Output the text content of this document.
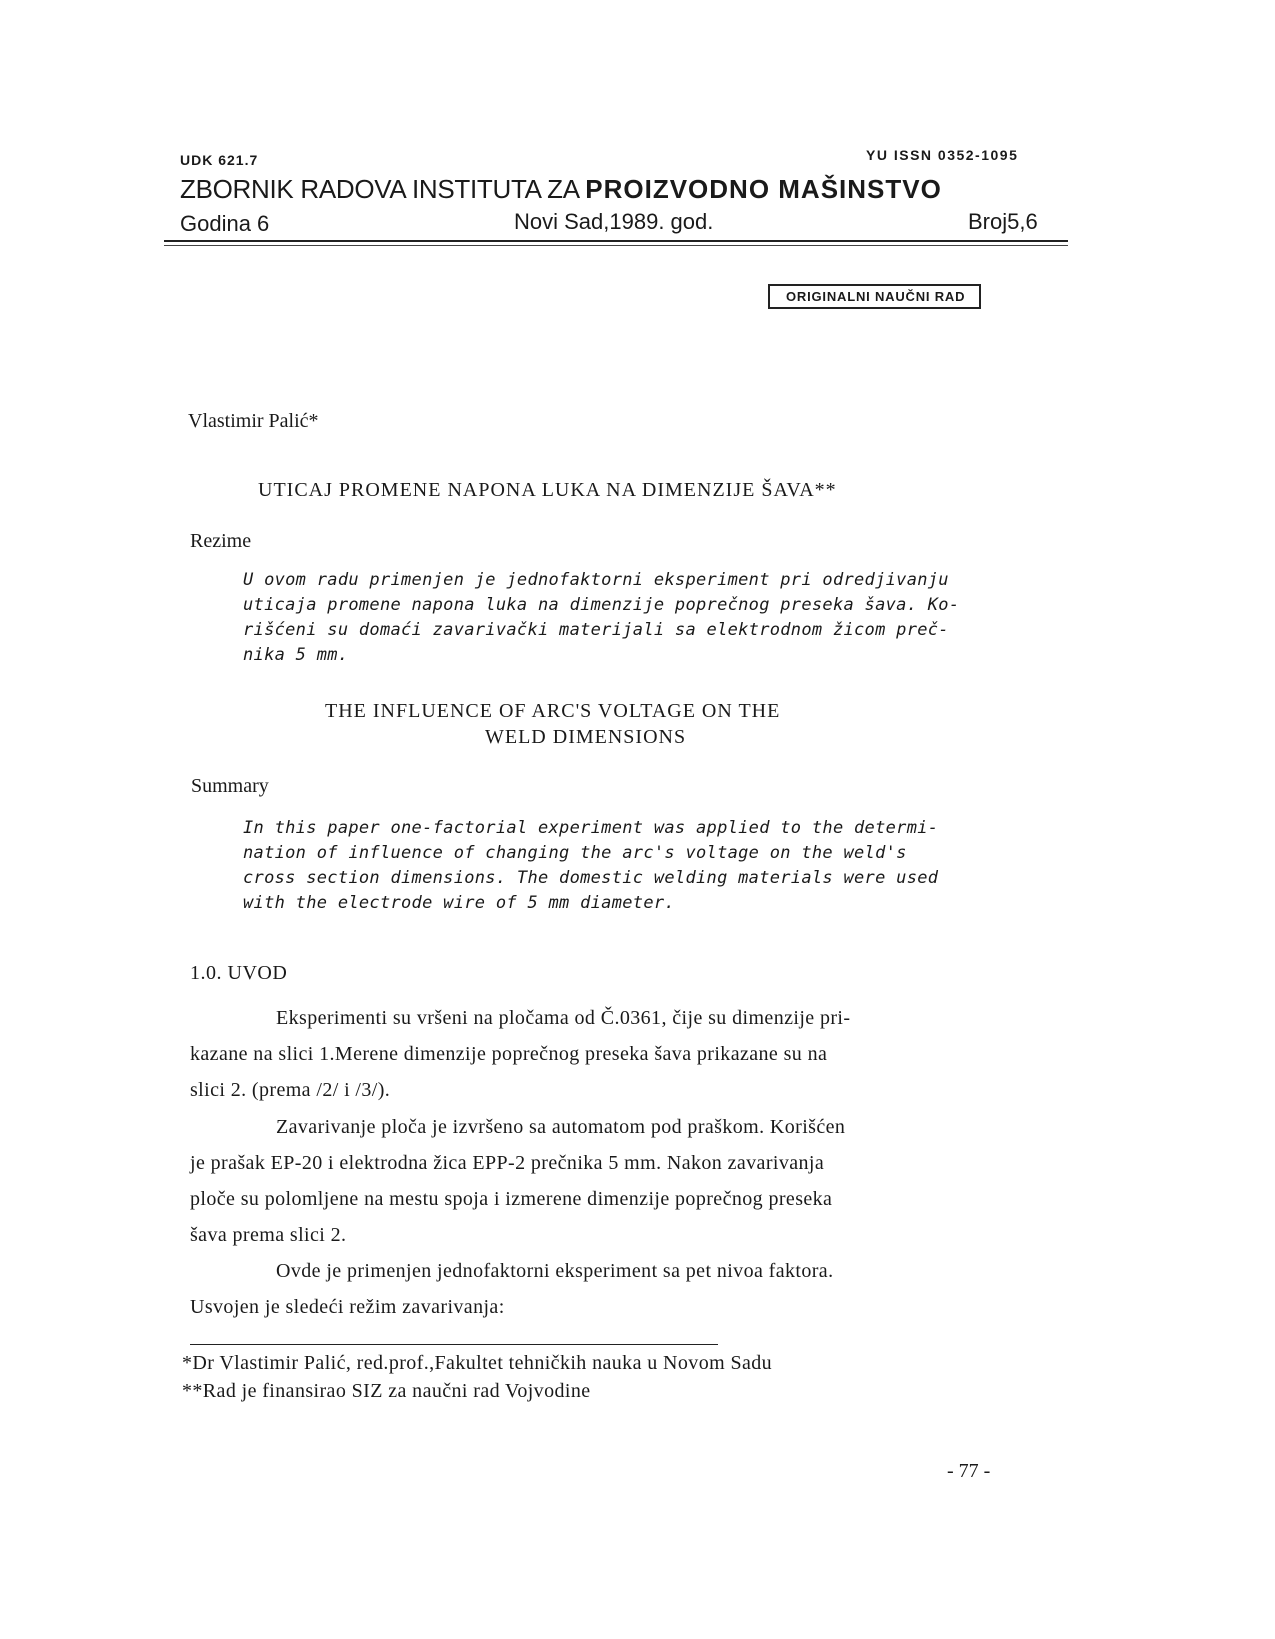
UDK 621.7	YU ISSN 0352-1095
ZBORNIK RADOVA INSTITUTA ZA PROIZVODNO MAŠINSTVO
Godina 6	Novi Sad,1989. god.	Broj5,6
ORIGINALNI NAUČNI RAD
Vlastimir Palić*
UTICAJ PROMENE NAPONA LUKA NA DIMENZIJE ŠAVA**
Rezime
U ovom radu primenjen je jednofaktorni eksperiment pri odredjivanju
uticaja promene napona luka na dimenzije poprečnog preseka šava. Ko-
rišćeni su domaći zavarivački materijali sa elektrodnom žicom preč-
nika 5 mm.
THE INFLUENCE OF ARC'S VOLTAGE ON THE
WELD DIMENSIONS
Summary
In this paper one-factorial experiment was applied to the determi-
nation of influence of changing the arc's voltage on the weld's
cross section dimensions. The domestic welding materials were used
with the electrode wire of 5 mm diameter.
1.0. UVOD
Eksperimenti su vršeni na pločama od Č.0361, čije su dimenzije pri-
kazane na slici 1.Merene dimenzije poprečnog preseka šava prikazane su na
slici 2. (prema /2/ i /3/).
Zavarivanje ploča je izvršeno sa automatom pod praškom. Korišćen
je prašak EP-20 i elektrodna žica EPP-2 prečnika 5 mm. Nakon zavarivanja
ploče su polomljene na mestu spoja i izmerene dimenzije poprečnog preseka
šava prema slici 2.
Ovde je primenjen jednofaktorni eksperiment sa pet nivoa faktora.
Usvojen je sledeći režim zavarivanja:
*Dr Vlastimir Palić, red.prof.,Fakultet tehničkih nauka u Novom Sadu
**Rad je finansirao SIZ za naučni rad Vojvodine
- 77 -
